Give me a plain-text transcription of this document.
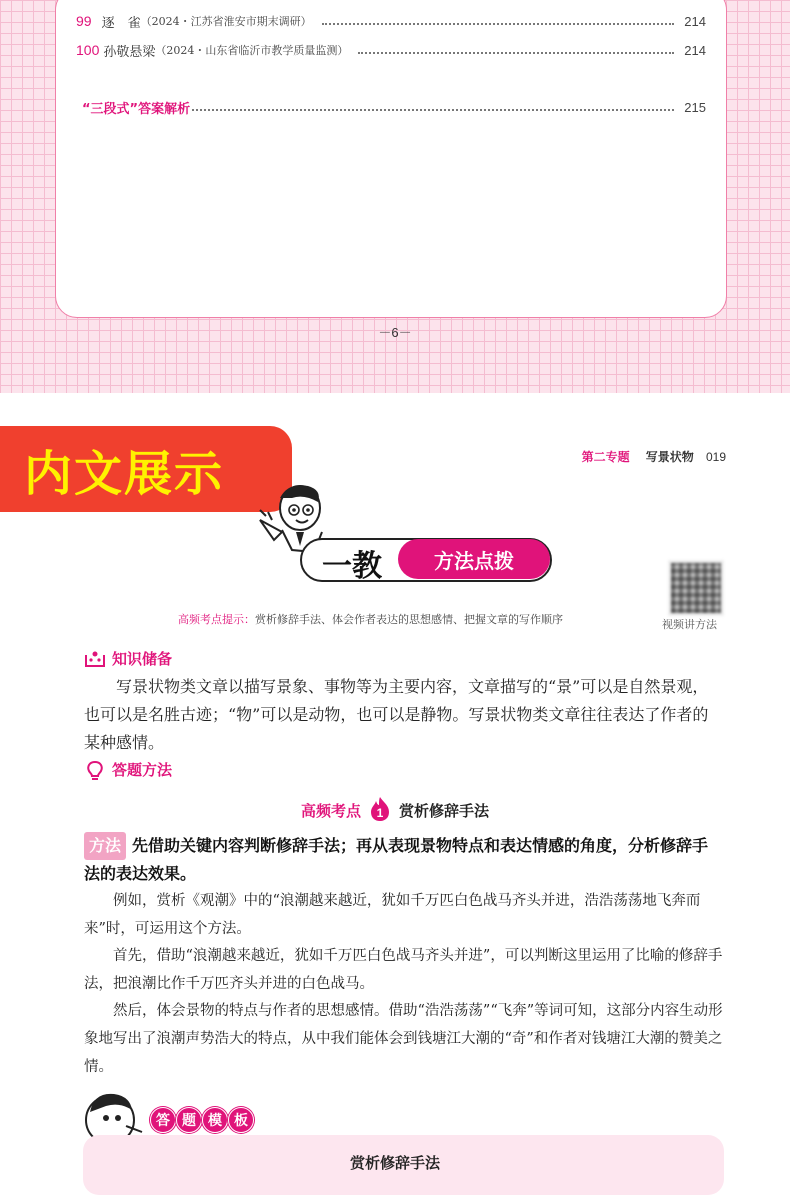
99 逐　雀 （2024・江苏省淮安市期末调研）	214
100 孙敬悬梁 （2024・山东省临沂市教学质量监测）	214
“三段式”答案解析	215
－6－
内文展示	第二专题 写景状物 019
一教	方法点拨
视频讲方法
高频考点提示：赏析修辞手法、体会作者表达的思想感情、把握文章的写作顺序
知识储备
写景状物类文章以描写景象、事物等为主要内容，文章描写的“景”可以是自然景观，也可以是名胜古迹；“物”可以是动物，也可以是静物。写景状物类文章往往表达了作者的某种感情。
答题方法
高频考点 1 赏析修辞手法
方法 先借助关键内容判断修辞手法；再从表现景物特点和表达情感的角度，分析修辞手法的表达效果。
例如，赏析《观潮》中的“浪潮越来越近，犹如千万匹白色战马齐头并进，浩浩荡荡地飞奔而来”时，可运用这个方法。
首先，借助“浪潮越来越近，犹如千万匹白色战马齐头并进”，可以判断这里运用了比喻的修辞手法，把浪潮比作千万匹齐头并进的白色战马。
然后，体会景物的特点与作者的思想感情。借助“浩浩荡荡”“飞奔”等词可知，这部分内容生动形象地写出了浪潮声势浩大的特点，从中我们能体会到钱塘江大潮的“奇”和作者对钱塘江大潮的赞美之情。
答 题 模 板
赏析修辞手法
